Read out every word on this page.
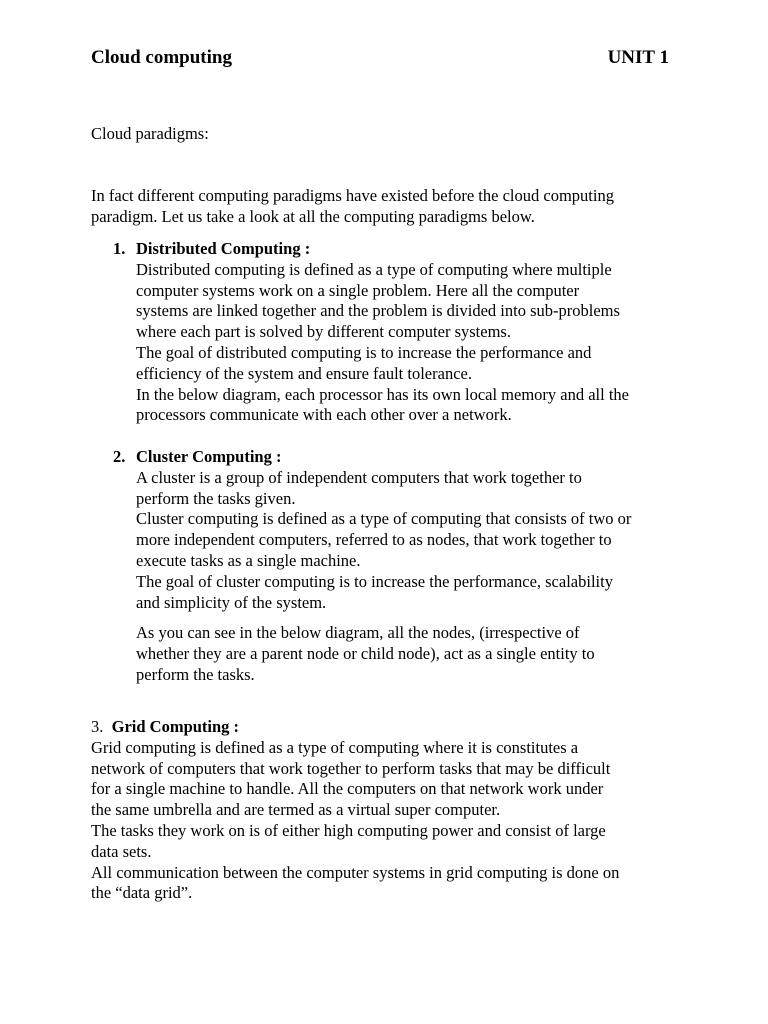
Cloud computing	UNIT 1
Cloud paradigms:
In fact different computing paradigms have existed before the cloud computing
paradigm. Let us take a look at all the computing paradigms below.
1. Distributed Computing :
Distributed computing is defined as a type of computing where multiple
computer systems work on a single problem. Here all the computer
systems are linked together and the problem is divided into sub-problems
where each part is solved by different computer systems.
The goal of distributed computing is to increase the performance and
efficiency of the system and ensure fault tolerance.
In the below diagram, each processor has its own local memory and all the
processors communicate with each other over a network.
2. Cluster Computing :
A cluster is a group of independent computers that work together to
perform the tasks given.
Cluster computing is defined as a type of computing that consists of two or
more independent computers, referred to as nodes, that work together to
execute tasks as a single machine.
The goal of cluster computing is to increase the performance, scalability
and simplicity of the system.
As you can see in the below diagram, all the nodes, (irrespective of
whether they are a parent node or child node), act as a single entity to
perform the tasks.
3. Grid Computing :
Grid computing is defined as a type of computing where it is constitutes a
network of computers that work together to perform tasks that may be difficult
for a single machine to handle. All the computers on that network work under
the same umbrella and are termed as a virtual super computer.
The tasks they work on is of either high computing power and consist of large
data sets.
All communication between the computer systems in grid computing is done on
the “data grid”.
